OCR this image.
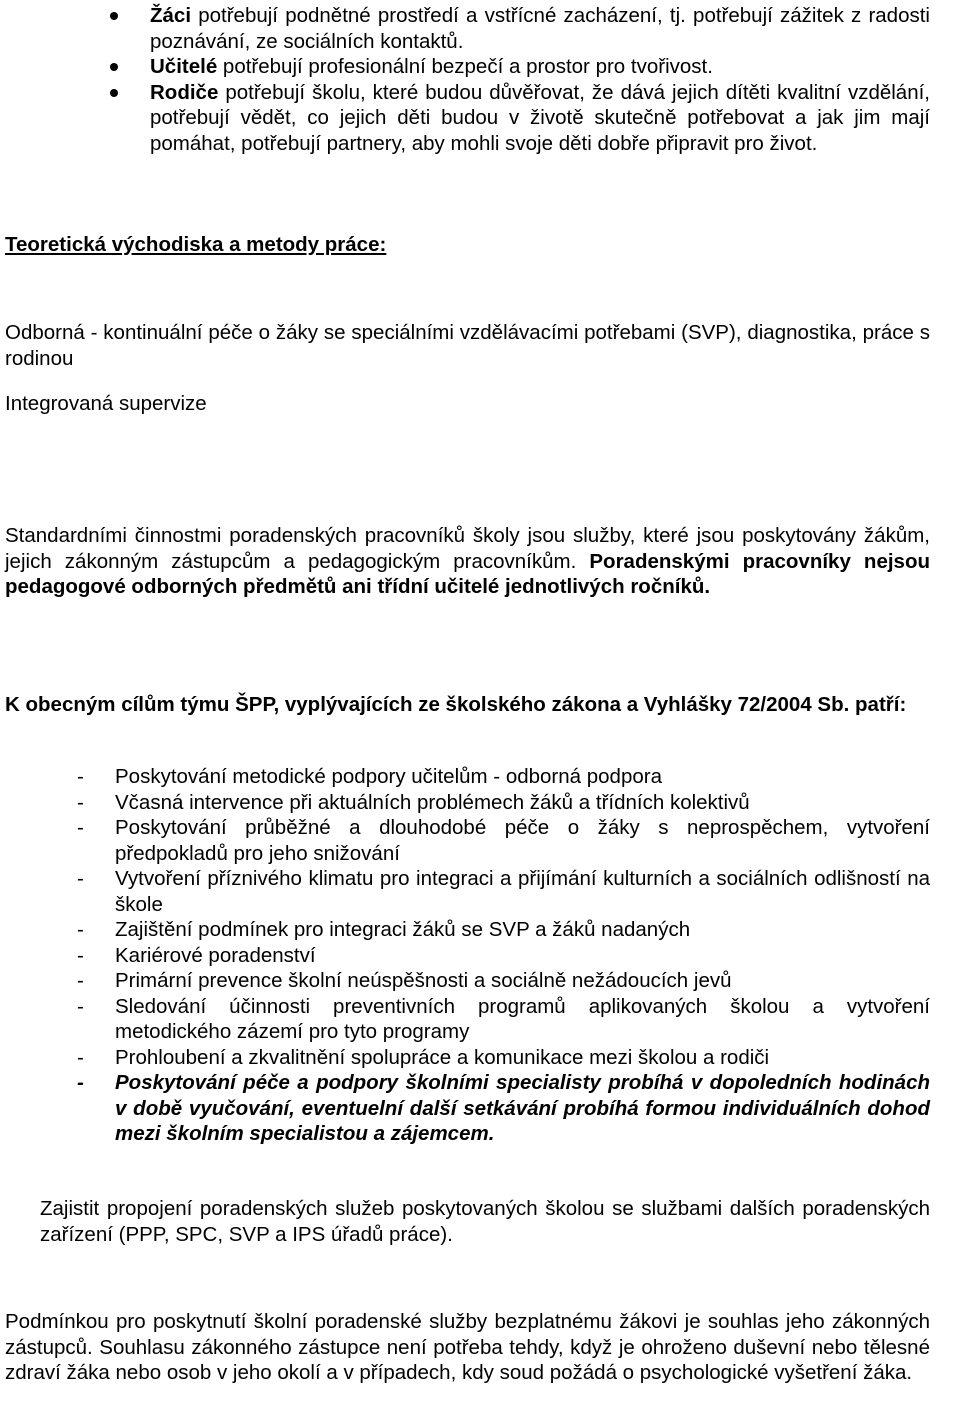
Žáci potřebují podnětné prostředí a vstřícné zacházení, tj. potřebují zážitek z radosti poznávání, ze sociálních kontaktů.

Učitelé potřebují profesionální bezpečí a prostor pro tvořivost.

Rodiče potřebují školu, které budou důvěřovat, že dává jejich dítěti kvalitní vzdělání, potřebují vědět, co jejich děti budou v životě skutečně potřebovat a jak jim mají pomáhat, potřebují partnery, aby mohli svoje děti dobře připravit pro život.

Teoretická východiska a metody práce:

Odborná - kontinuální péče o žáky se speciálními vzdělávacími potřebami (SVP), diagnostika, práce s rodinou

Integrovaná supervize

Standardními činnostmi poradenských pracovníků školy jsou služby, které jsou poskytovány žákům, jejich zákonným zástupcům a pedagogickým pracovníkům. Poradenskými pracovníky nejsou pedagogové odborných předmětů ani třídní učitelé jednotlivých ročníků.

K obecným cílům týmu ŠPP, vyplývajících ze školského zákona a Vyhlášky 72/2004 Sb. patří:

- Poskytování metodické podpory učitelům - odborná podpora

- Včasná intervence při aktuálních problémech žáků a třídních kolektivů

- Poskytování průběžné a dlouhodobé péče o žáky s neprospěchem, vytvoření předpokladů pro jeho snižování

- Vytvoření příznivého klimatu pro integraci a přijímání kulturních a sociálních odlišností na škole

- Zajištění podmínek pro integraci žáků se SVP a žáků nadaných

- Kariérové poradenství

- Primární prevence školní neúspěšnosti a sociálně nežádoucích jevů

- Sledování účinnosti preventivních programů aplikovaných školou a vytvoření metodického zázemí pro tyto programy

- Prohloubení a zkvalitnění spolupráce a komunikace mezi školou a rodiči

- Poskytování péče a podpory školními specialisty probíhá v dopoledních hodinách v době vyučování, eventuelní další setkávání probíhá formou individuálních dohod mezi školním specialistou a zájemcem.

Zajistit propojení poradenských služeb poskytovaných školou se službami dalších poradenských zařízení (PPP, SPC, SVP a IPS úřadů práce).

Podmínkou pro poskytnutí školní poradenské služby bezplatnému žákovi je souhlas jeho zákonných zástupců. Souhlasu zákonného zástupce není potřeba tehdy, když je ohroženo duševní nebo tělesné zdraví žáka nebo osob v jeho okolí a v případech, kdy soud požádá o psychologické vyšetření žáka.
